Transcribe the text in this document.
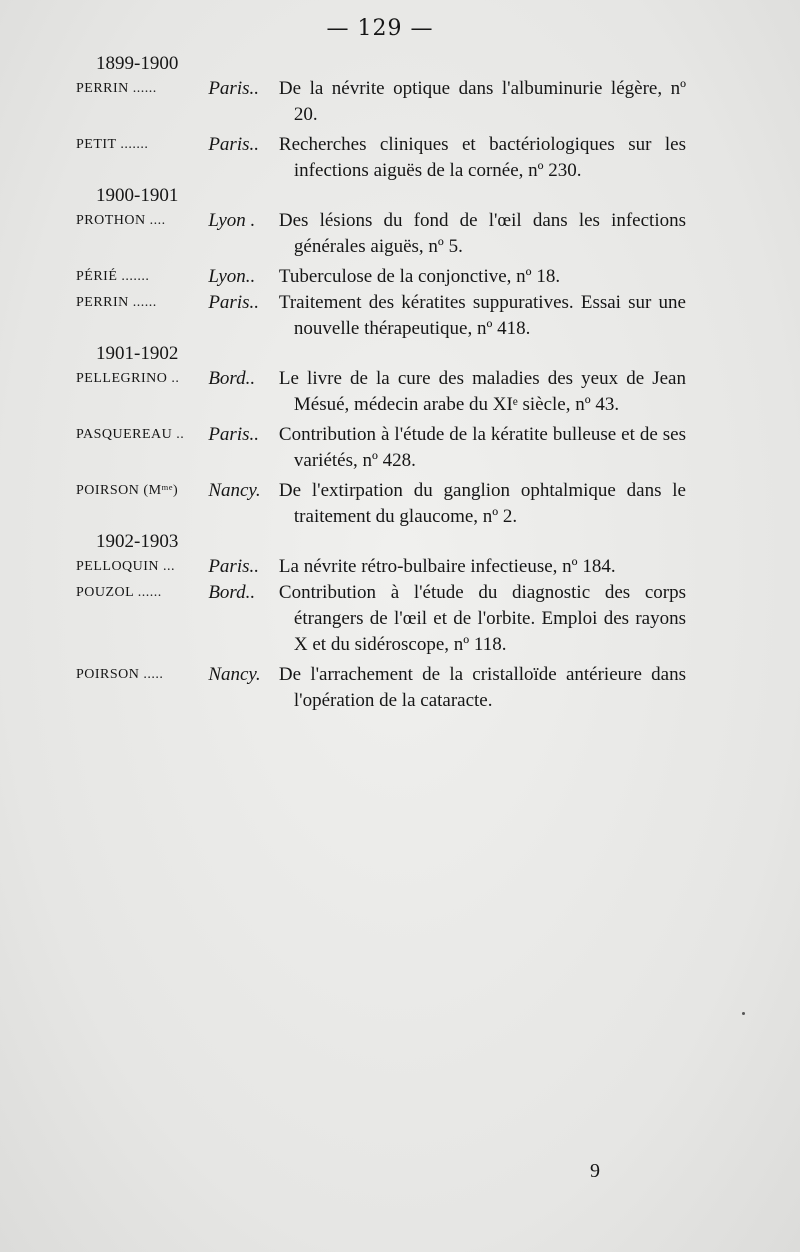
— 129 —
1899-1900
PERRIN ......	Paris..	De la névrite optique dans l'albuminurie légère, nº 20.
PETIT .......	Paris..	Recherches cliniques et bactériologiques sur les infections aiguës de la cornée, nº 230.
1900-1901
PROTHON ....	Lyon .	Des lésions du fond de l'œil dans les infections générales aiguës, nº 5.
PÉRIÉ .......	Lyon..	Tuberculose de la conjonctive, nº 18.
PERRIN ......	Paris..	Traitement des kératites suppuratives. Essai sur une nouvelle thérapeutique, nº 418.
1901-1902
PELLEGRINO ..	Bord..	Le livre de la cure des maladies des yeux de Jean Mésué, médecin arabe du XIᵉ siècle, nº 43.
PASQUEREAU ..	Paris..	Contribution à l'étude de la kératite bulleuse et de ses variétés, nº 428.
POIRSON (Mᵐᵉ)	Nancy. De l'extirpation du ganglion ophtalmique dans le traitement du glaucome, nº 2.
1902-1903
PELLOQUIN ...	Paris..	La névrite rétro-bulbaire infectieuse, nº 184.
POUZOL ......	Bord..	Contribution à l'étude du diagnostic des corps étrangers de l'œil et de l'orbite. Emploi des rayons X et du sidéroscope, nº 118.
POIRSON .....	Nancy. De l'arrachement de la cristalloïde antérieure dans l'opération de la cataracte.
9
